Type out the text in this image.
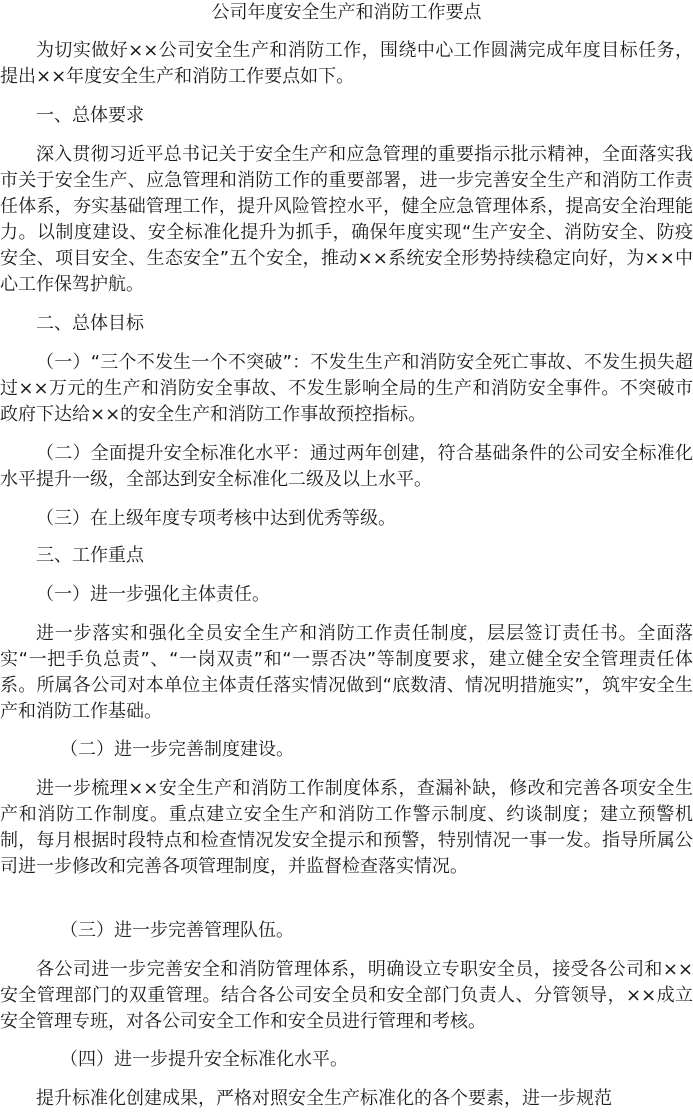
公司年度安全生产和消防工作要点

为切实做好××公司安全生产和消防工作，围绕中心工作圆满完成年度目标任务，提出××年度安全生产和消防工作要点如下。

一、总体要求

深入贯彻习近平总书记关于安全生产和应急管理的重要指示批示精神，全面落实我市关于安全生产、应急管理和消防工作的重要部署，进一步完善安全生产和消防工作责任体系，夯实基础管理工作，提升风险管控水平，健全应急管理体系，提高安全治理能力。以制度建设、安全标准化提升为抓手，确保年度实现“生产安全、消防安全、防疫安全、项目安全、生态安全”五个安全，推动××系统安全形势持续稳定向好，为××中心工作保驾护航。

二、总体目标

（一）“三个不发生一个不突破”：不发生生产和消防安全死亡事故、不发生损失超过××万元的生产和消防安全事故、不发生影响全局的生产和消防安全事件。不突破市政府下达给××的安全生产和消防工作事故预控指标。

（二）全面提升安全标准化水平：通过两年创建，符合基础条件的公司安全标准化水平提升一级，全部达到安全标准化二级及以上水平。

（三）在上级年度专项考核中达到优秀等级。

三、工作重点

（一）进一步强化主体责任。

进一步落实和强化全员安全生产和消防工作责任制度，层层签订责任书。全面落实“一把手负总责”、“一岗双责”和“一票否决”等制度要求，建立健全安全管理责任体系。所属各公司对本单位主体责任落实情况做到“底数清、情况明措施实”，筑牢安全生产和消防工作基础。

（二）进一步完善制度建设。

进一步梳理××安全生产和消防工作制度体系，查漏补缺，修改和完善各项安全生产和消防工作制度。重点建立安全生产和消防工作警示制度、约谈制度；建立预警机制，每月根据时段特点和检查情况发安全提示和预警，特别情况一事一发。指导所属公司进一步修改和完善各项管理制度，并监督检查落实情况。

（三）进一步完善管理队伍。

各公司进一步完善安全和消防管理体系，明确设立专职安全员，接受各公司和××安全管理部门的双重管理。结合各公司安全员和安全部门负责人、分管领导，××成立安全管理专班，对各公司安全工作和安全员进行管理和考核。

（四）进一步提升安全标准化水平。

提升标准化创建成果，严格对照安全生产标准化的各个要素，进一步规范
